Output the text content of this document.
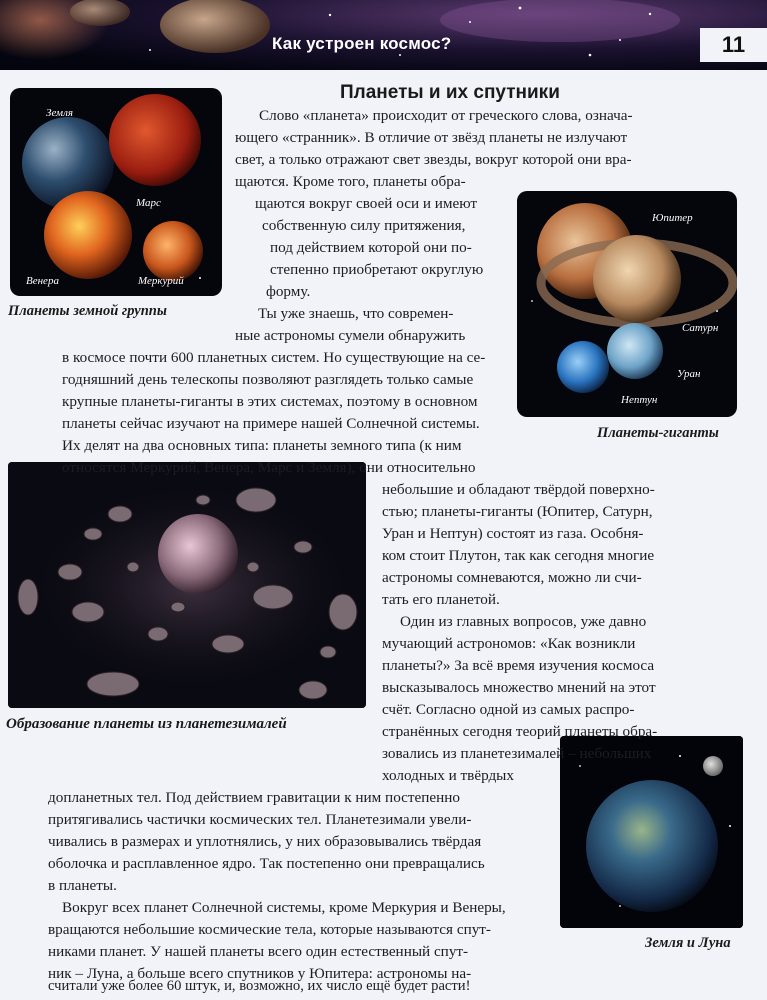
Как устроен космос?	11
Планеты и их спутники
Земля
Марс
Венера	Меркурий
Планеты земной группы
Юпитер
Сатурн
Уран
Нептун
Планеты-гиганты
Образование планеты из планетезималей
Земля и Луна
Слово «планета» происходит от греческого слова, означа-
ющего «странник». В отличие от звёзд планеты не излучают
свет, а только отражают свет звезды, вокруг которой они вра-
щаются. Кроме того, планеты обра-
щаются вокруг своей оси и имеют
собственную силу притяжения,
под действием которой они по-
степенно приобретают округлую
форму.
Ты уже знаешь, что современ-
ные астрономы сумели обнаружить
в космосе почти 600 планетных систем. Но существующие на се-
годняшний день телескопы позволяют разглядеть только самые
крупные планеты-гиганты в этих системах, поэтому в основном
планеты сейчас изучают на примере нашей Солнечной системы.
Их делят на два основных типа: планеты земного типа (к ним
относятся Меркурий, Венера, Марс и Земля), они относительно
небольшие и обладают твёрдой поверхно-
стью; планеты-гиганты (Юпитер, Сатурн,
Уран и Нептун) состоят из газа. Особня-
ком стоит Плутон, так как сегодня многие
астрономы сомневаются, можно ли счи-
тать его планетой.
Один из главных вопросов, уже давно
мучающий астрономов: «Как возникли
планеты?» За всё время изучения космоса
высказывалось множество мнений на этот
счёт. Согласно одной из самых распро-
странённых сегодня теорий планеты обра-
зовались из планетезималей – небольших
холодных и твёрдых
допланетных тел. Под действием гравитации к ним постепенно
притягивались частички космических тел. Планетезимали увели-
чивались в размерах и уплотнялись, у них образовывались твёрдая
оболочка и расплавленное ядро. Так постепенно они превращались
в планеты.
Вокруг всех планет Солнечной системы, кроме Меркурия и Венеры,
вращаются небольшие космические тела, которые называются спут-
никами планет. У нашей планеты всего один естественный спут-
ник – Луна, а больше всего спутников у Юпитера: астрономы на-
считали уже более 60 штук, и, возможно, их число ещё будет расти!
